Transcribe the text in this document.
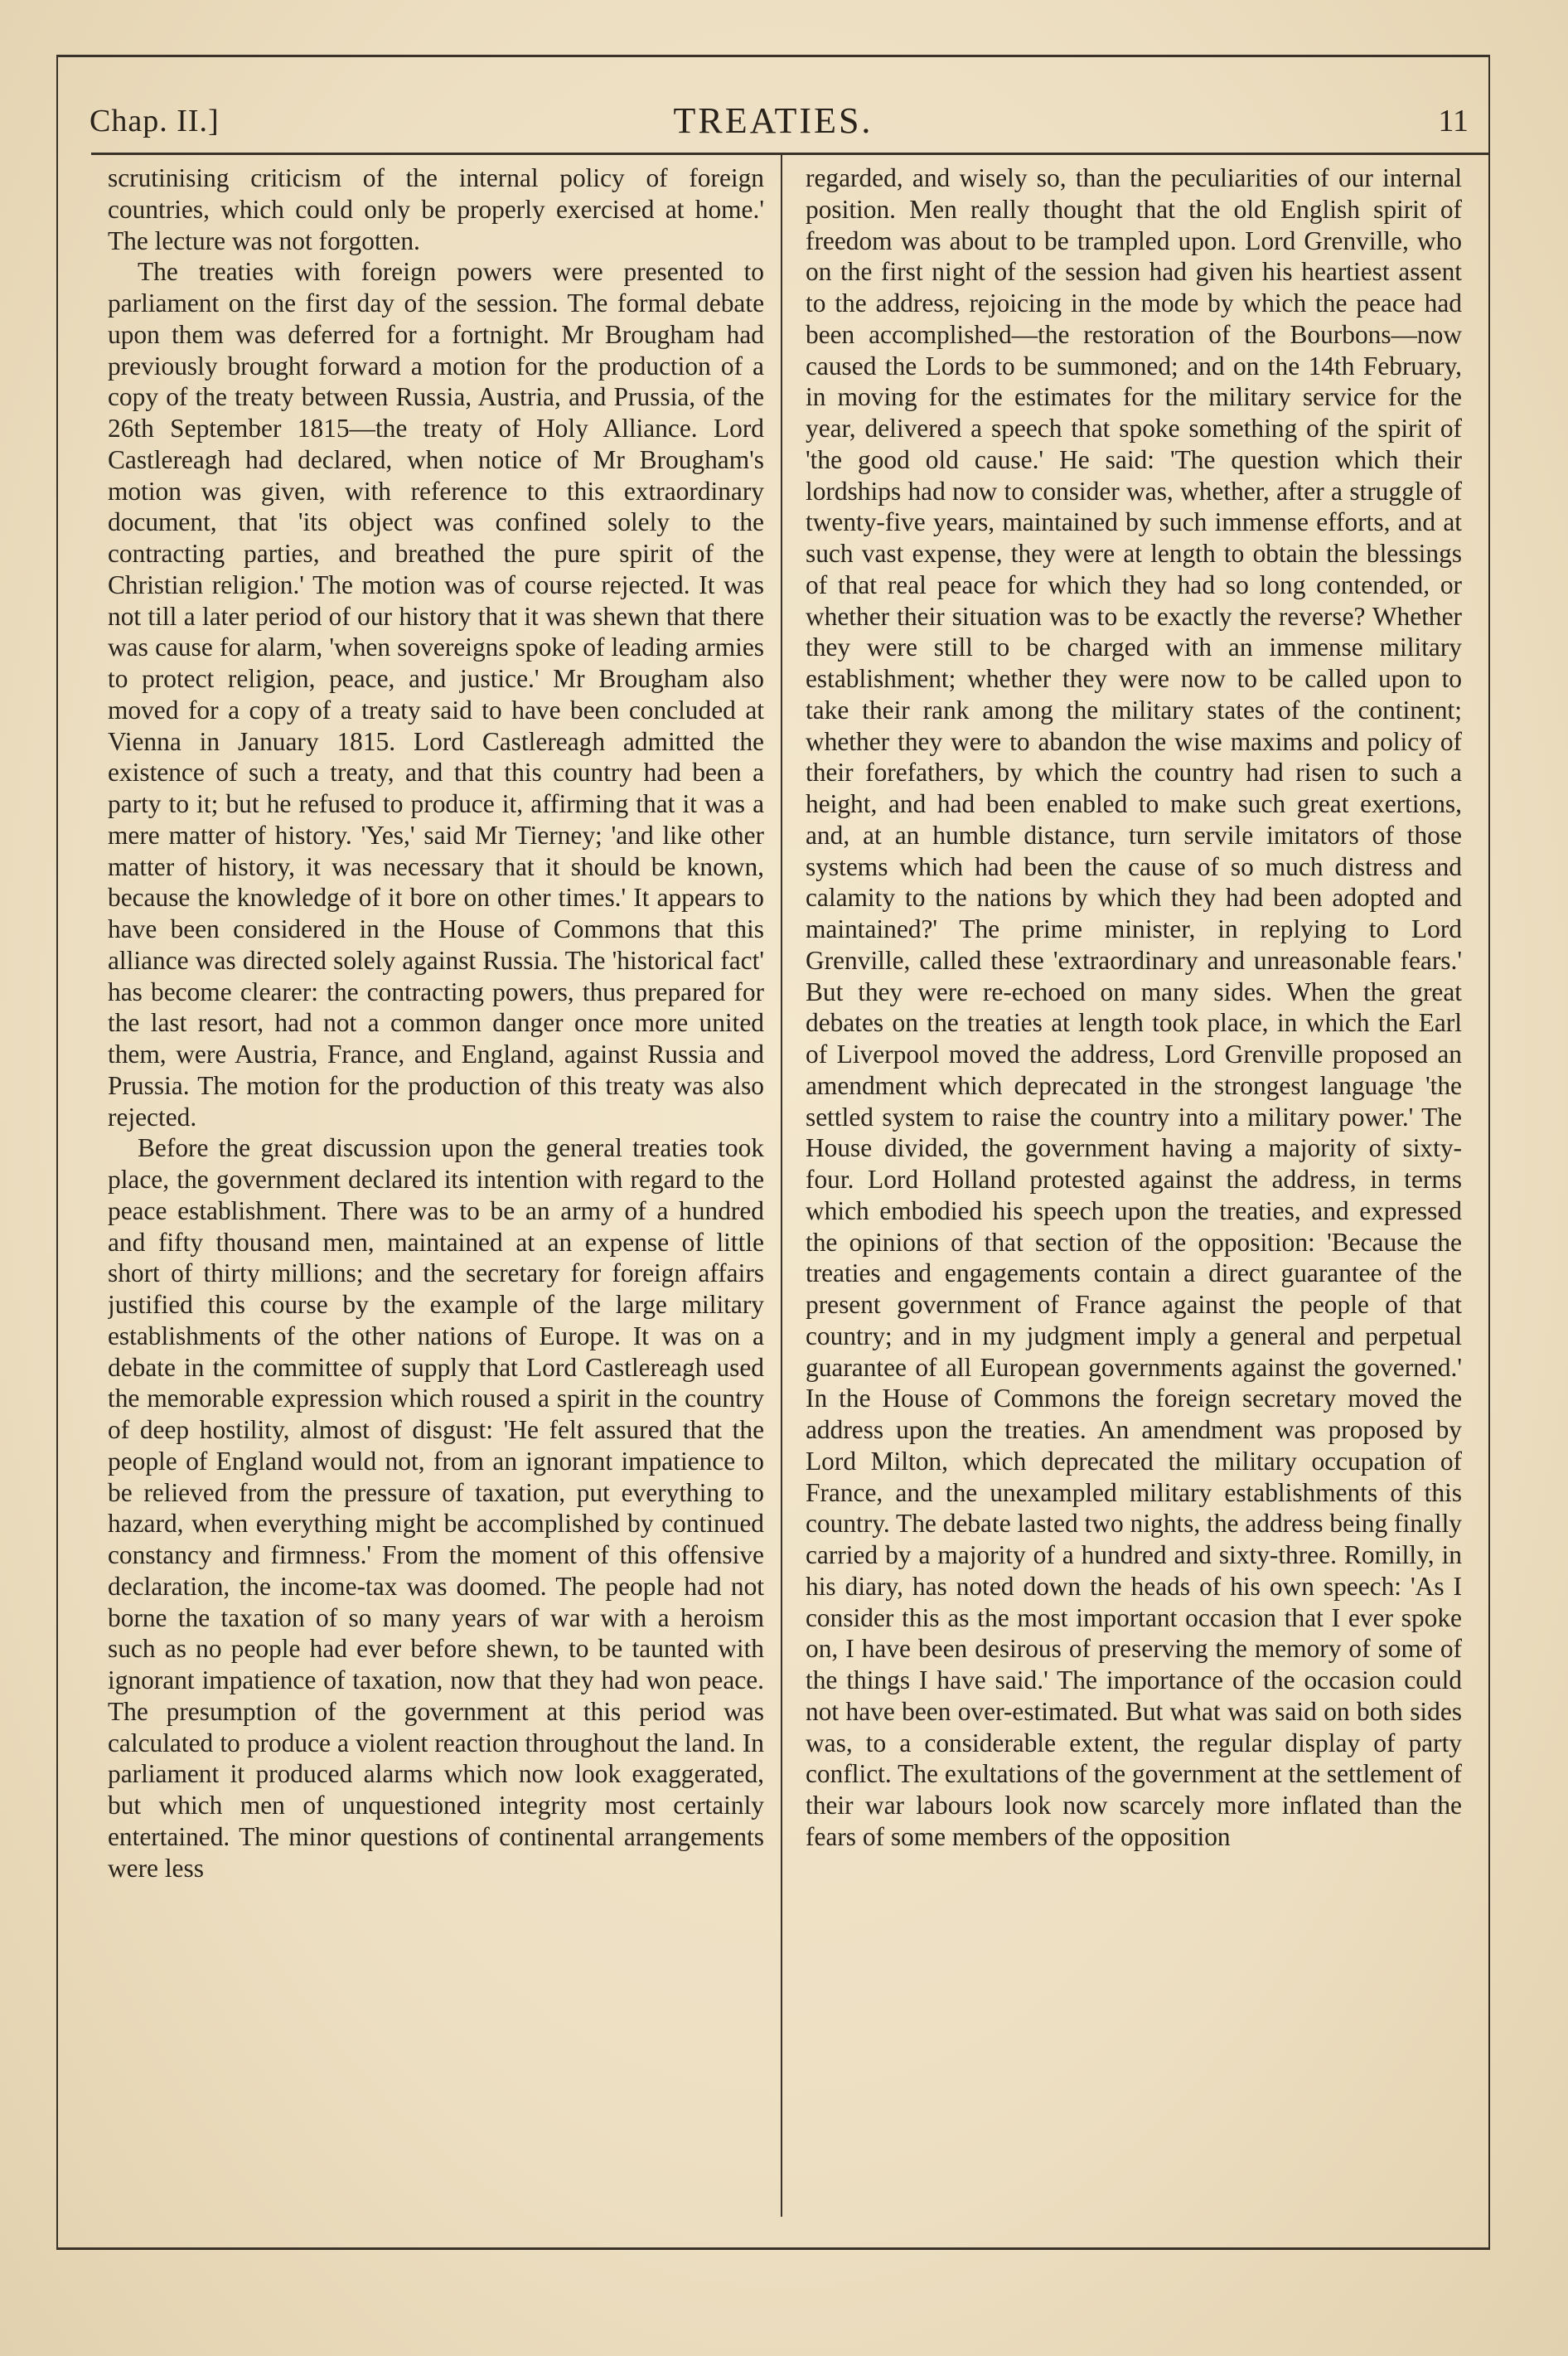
Chap. II.]	TREATIES.	11

scrutinising criticism of the internal policy of foreign countries, which could only be properly exercised at home.' The lecture was not forgotten.

The treaties with foreign powers were presented to parliament on the first day of the session. The formal debate upon them was deferred for a fortnight. Mr Brougham had previously brought forward a motion for the production of a copy of the treaty between Russia, Austria, and Prussia, of the 26th September 1815—the treaty of Holy Alliance. Lord Castlereagh had declared, when notice of Mr Brougham's motion was given, with reference to this extraordinary document, that 'its object was confined solely to the contracting parties, and breathed the pure spirit of the Christian religion.' The motion was of course rejected. It was not till a later period of our history that it was shewn that there was cause for alarm, 'when sovereigns spoke of leading armies to protect religion, peace, and justice.' Mr Brougham also moved for a copy of a treaty said to have been concluded at Vienna in January 1815. Lord Castlereagh admitted the existence of such a treaty, and that this country had been a party to it; but he refused to produce it, affirming that it was a mere matter of history. 'Yes,' said Mr Tierney; 'and like other matter of history, it was necessary that it should be known, because the knowledge of it bore on other times.' It appears to have been considered in the House of Commons that this alliance was directed solely against Russia. The 'historical fact' has become clearer: the contracting powers, thus prepared for the last resort, had not a common danger once more united them, were Austria, France, and England, against Russia and Prussia. The motion for the production of this treaty was also rejected.

Before the great discussion upon the general treaties took place, the government declared its intention with regard to the peace establishment. There was to be an army of a hundred and fifty thousand men, maintained at an expense of little short of thirty millions; and the secretary for foreign affairs justified this course by the example of the large military establishments of the other nations of Europe. It was on a debate in the committee of supply that Lord Castlereagh used the memorable expression which roused a spirit in the country of deep hostility, almost of disgust: 'He felt assured that the people of England would not, from an ignorant impatience to be relieved from the pressure of taxation, put everything to hazard, when everything might be accomplished by continued constancy and firmness.' From the moment of this offensive declaration, the income-tax was doomed. The people had not borne the taxation of so many years of war with a heroism such as no people had ever before shewn, to be taunted with ignorant impatience of taxation, now that they had won peace. The presumption of the government at this period was calculated to produce a violent reaction throughout the land. In parliament it produced alarms which now look exaggerated, but which men of unquestioned integrity most certainly entertained. The minor questions of continental arrangements were less

regarded, and wisely so, than the peculiarities of our internal position. Men really thought that the old English spirit of freedom was about to be trampled upon. Lord Grenville, who on the first night of the session had given his heartiest assent to the address, rejoicing in the mode by which the peace had been accomplished—the restoration of the Bourbons—now caused the Lords to be summoned; and on the 14th February, in moving for the estimates for the military service for the year, delivered a speech that spoke something of the spirit of 'the good old cause.' He said: 'The question which their lordships had now to consider was, whether, after a struggle of twenty-five years, maintained by such immense efforts, and at such vast expense, they were at length to obtain the blessings of that real peace for which they had so long contended, or whether their situation was to be exactly the reverse? Whether they were still to be charged with an immense military establishment; whether they were now to be called upon to take their rank among the military states of the continent; whether they were to abandon the wise maxims and policy of their forefathers, by which the country had risen to such a height, and had been enabled to make such great exertions, and, at an humble distance, turn servile imitators of those systems which had been the cause of so much distress and calamity to the nations by which they had been adopted and maintained?' The prime minister, in replying to Lord Grenville, called these 'extraordinary and unreasonable fears.' But they were re-echoed on many sides. When the great debates on the treaties at length took place, in which the Earl of Liverpool moved the address, Lord Grenville proposed an amendment which deprecated in the strongest language 'the settled system to raise the country into a military power.' The House divided, the government having a majority of sixty-four. Lord Holland protested against the address, in terms which embodied his speech upon the treaties, and expressed the opinions of that section of the opposition: 'Because the treaties and engagements contain a direct guarantee of the present government of France against the people of that country; and in my judgment imply a general and perpetual guarantee of all European governments against the governed.' In the House of Commons the foreign secretary moved the address upon the treaties. An amendment was proposed by Lord Milton, which deprecated the military occupation of France, and the unexampled military establishments of this country. The debate lasted two nights, the address being finally carried by a majority of a hundred and sixty-three. Romilly, in his diary, has noted down the heads of his own speech: 'As I consider this as the most important occasion that I ever spoke on, I have been desirous of preserving the memory of some of the things I have said.' The importance of the occasion could not have been over-estimated. But what was said on both sides was, to a considerable extent, the regular display of party conflict. The exultations of the government at the settlement of their war labours look now scarcely more inflated than the fears of some members of the opposition
